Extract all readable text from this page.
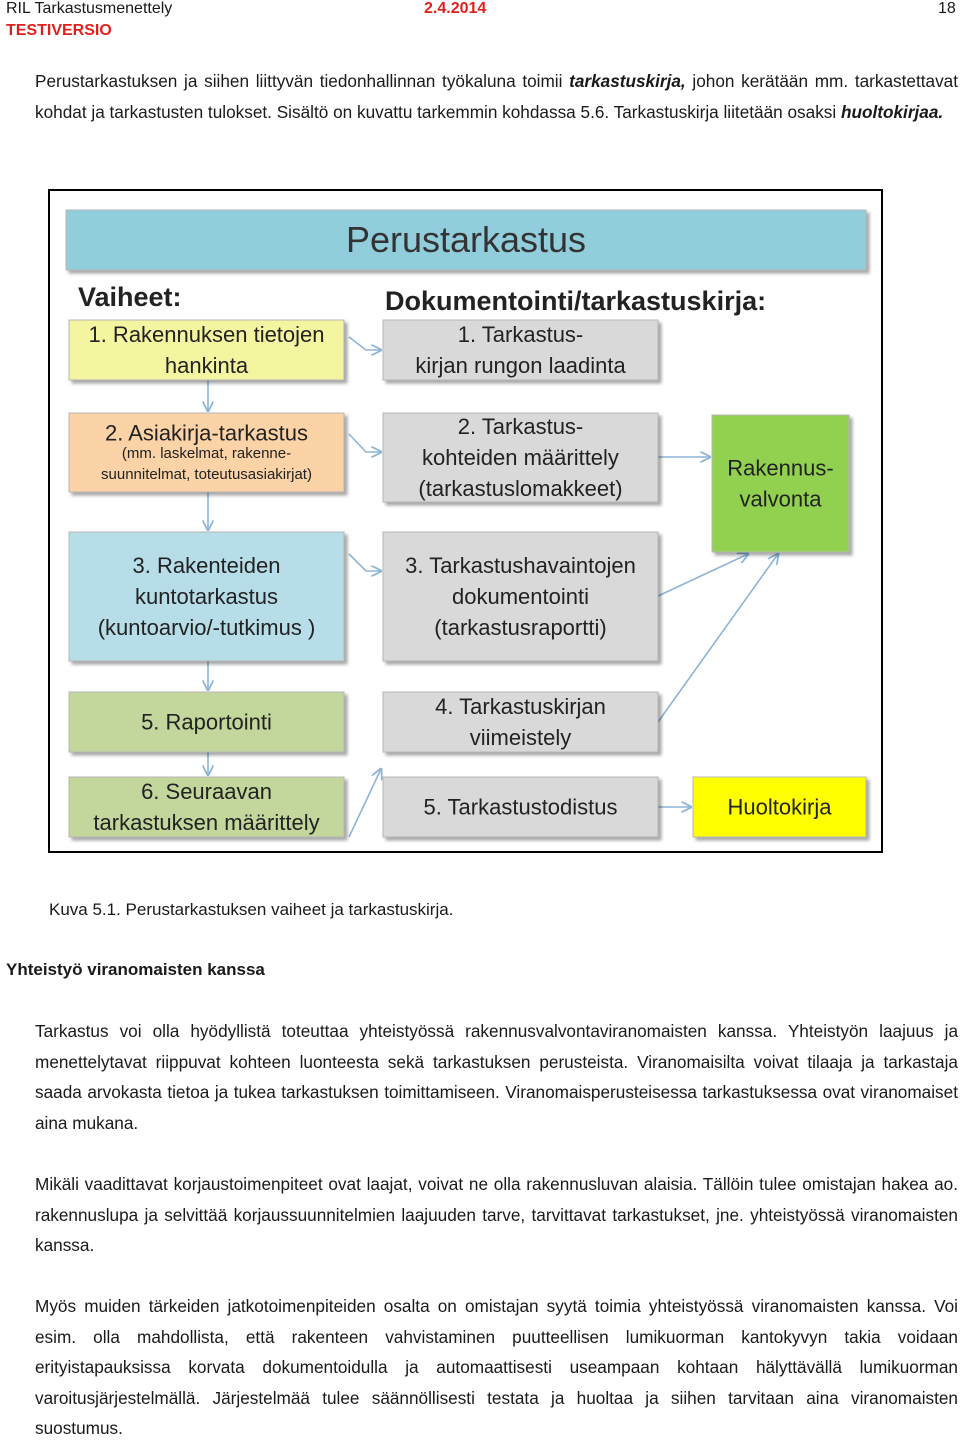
RIL Tarkastusmenettely	2.4.2014	18
TESTIVERSIO

Perustarkastuksen ja siihen liittyvän tiedonhallinnan työkaluna toimii tarkastuskirja, johon kerätään mm. tarkastettavat kohdat ja tarkastusten tulokset. Sisältö on kuvattu tarkemmin kohdassa 5.6. Tarkastuskirja liitetään osaksi huoltokirjaa.

Perustarkastus
Vaiheet:	Dokumentointi/tarkastuskirja:
1. Rakennuksen tietojen
hankinta
2. Asiakirja-tarkastus
(mm. laskelmat, rakenne-
suunnitelmat, toteutusasiakirjat)
3. Rakenteiden
kuntotarkastus
(kuntoarvio/-tutkimus )
5. Raportointi
6. Seuraavan
tarkastuksen määrittely
1. Tarkastus-
kirjan rungon laadinta
2. Tarkastus-
kohteiden määrittely
(tarkastuslomakkeet)
3. Tarkastushavaintojen
dokumentointi
(tarkastusraportti)
4. Tarkastuskirjan
viimeistely
5. Tarkastustodistus
Rakennus-
valvonta
Huoltokirja
Kuva 5.1. Perustarkastuksen vaiheet ja tarkastuskirja.
Yhteistyö viranomaisten kanssa

Tarkastus voi olla hyödyllistä toteuttaa yhteistyössä rakennusvalvontaviranomaisten kanssa. Yhteistyön laajuus ja menettelytavat riippuvat kohteen luonteesta sekä tarkastuksen perusteista. Viranomaisilta voivat tilaaja ja tarkastaja saada arvokasta tietoa ja tukea tarkastuksen toimittamiseen. Viranomaisperusteisessa tarkastuksessa ovat viranomaiset aina mukana.

Mikäli vaadittavat korjaustoimenpiteet ovat laajat, voivat ne olla rakennusluvan alaisia. Tällöin tulee omistajan hakea ao. rakennuslupa ja selvittää korjaussuunnitelmien laajuuden tarve, tarvittavat tarkastukset, jne. yhteistyössä viranomaisten kanssa.

Myös muiden tärkeiden jatkotoimenpiteiden osalta on omistajan syytä toimia yhteistyössä viranomaisten kanssa. Voi esim. olla mahdollista, että rakenteen vahvistaminen puutteellisen lumikuorman kantokyvyn takia voidaan erityistapauksissa korvata dokumentoidulla ja automaattisesti useampaan kohtaan hälyttävällä lumikuorman varoitusjärjestelmällä. Järjestelmää tulee säännöllisesti testata ja huoltaa ja siihen tarvitaan aina viranomaisten suostumus.
